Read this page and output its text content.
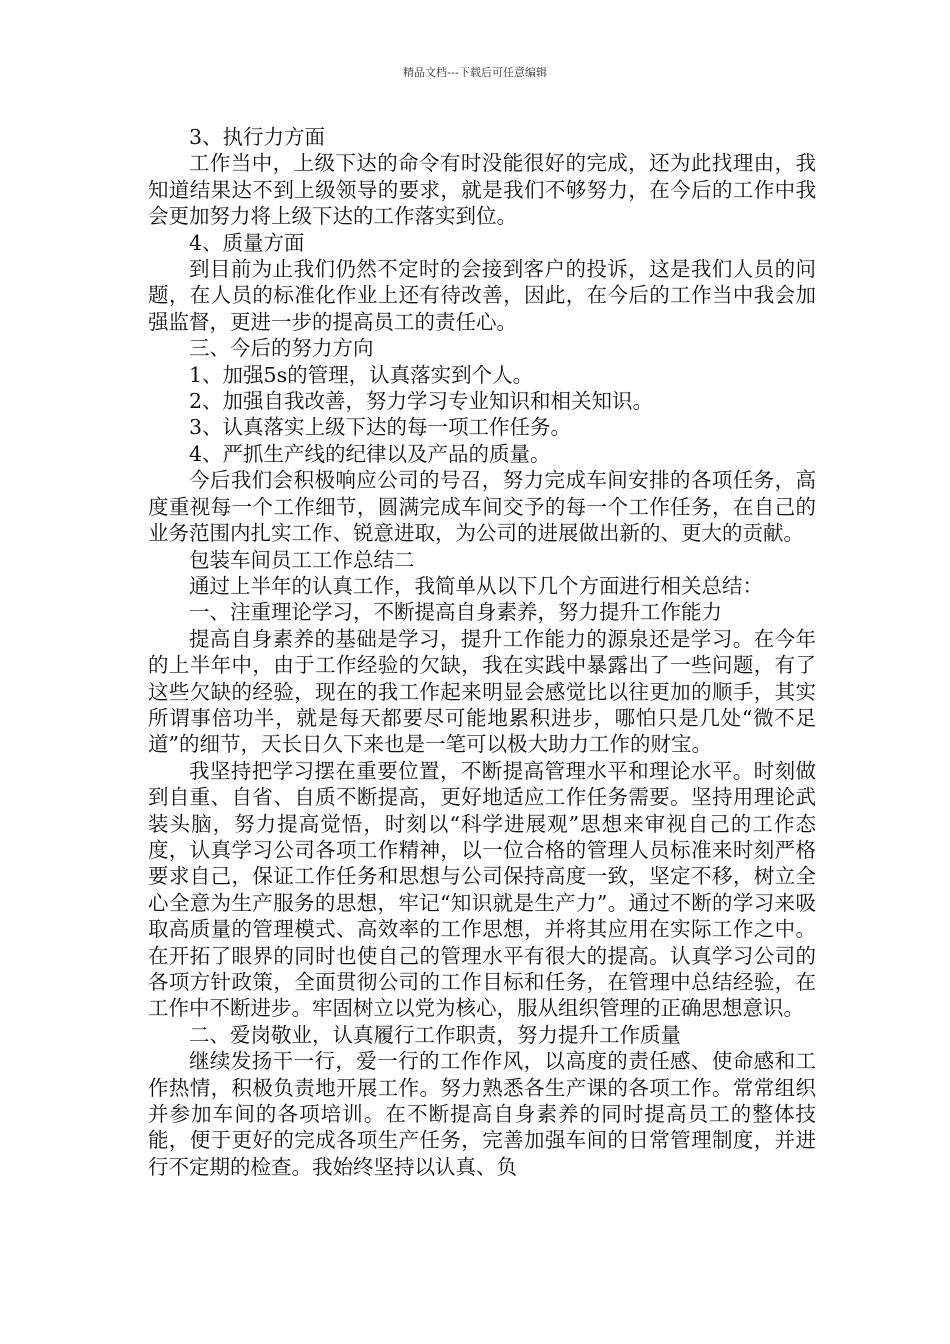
精品文档---下载后可任意编辑

3、执行力方面

工作当中，上级下达的命令有时没能很好的完成，还为此找理由，我知道结果达不到上级领导的要求，就是我们不够努力，在今后的工作中我会更加努力将上级下达的工作落实到位。

4、质量方面

到目前为止我们仍然不定时的会接到客户的投诉，这是我们人员的问题，在人员的标准化作业上还有待改善，因此，在今后的工作当中我会加强监督，更进一步的提高员工的责任心。

三、今后的努力方向

1、加强5s的管理，认真落实到个人。

2、加强自我改善，努力学习专业知识和相关知识。

3、认真落实上级下达的每一项工作任务。

4、严抓生产线的纪律以及产品的质量。

今后我们会积极响应公司的号召，努力完成车间安排的各项任务，高度重视每一个工作细节，圆满完成车间交予的每一个工作任务，在自己的业务范围内扎实工作、锐意进取，为公司的进展做出新的、更大的贡献。

包装车间员工工作总结二

通过上半年的认真工作，我简单从以下几个方面进行相关总结：

一、注重理论学习，不断提高自身素养，努力提升工作能力

提高自身素养的基础是学习，提升工作能力的源泉还是学习。在今年的上半年中，由于工作经验的欠缺，我在实践中暴露出了一些问题，有了这些欠缺的经验，现在的我工作起来明显会感觉比以往更加的顺手，其实所谓事倍功半，就是每天都要尽可能地累积进步，哪怕只是几处“微不足道”的细节，天长日久下来也是一笔可以极大助力工作的财宝。

我坚持把学习摆在重要位置，不断提高管理水平和理论水平。时刻做到自重、自省、自质不断提高，更好地适应工作任务需要。坚持用理论武装头脑，努力提高觉悟，时刻以“科学进展观”思想来审视自己的工作态度，认真学习公司各项工作精神，以一位合格的管理人员标准来时刻严格要求自己，保证工作任务和思想与公司保持高度一致，坚定不移，树立全心全意为生产服务的思想，牢记“知识就是生产力”。通过不断的学习来吸取高质量的管理模式、高效率的工作思想，并将其应用在实际工作之中。在开拓了眼界的同时也使自己的管理水平有很大的提高。认真学习公司的各项方针政策，全面贯彻公司的工作目标和任务，在管理中总结经验，在工作中不断进步。牢固树立以党为核心，服从组织管理的正确思想意识。

二、爱岗敬业，认真履行工作职责，努力提升工作质量

继续发扬干一行，爱一行的工作作风，以高度的责任感、使命感和工作热情，积极负责地开展工作。努力熟悉各生产课的各项工作。常常组织并参加车间的各项培训。在不断提高自身素养的同时提高员工的整体技能，便于更好的完成各项生产任务，完善加强车间的日常管理制度，并进行不定期的检查。我始终坚持以认真、负
